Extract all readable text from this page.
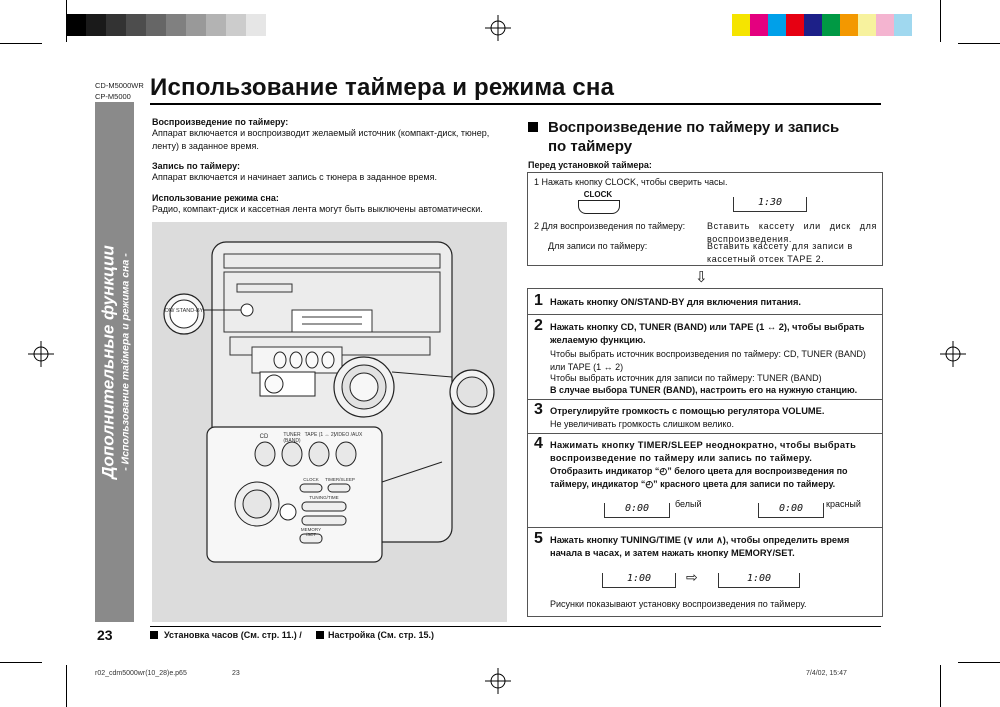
CD-M5000WR
CP-M5000 Использование таймера и режима сна
Дополнительные функции - Использование таймера и режима сна -
Воспроизведение по таймеру:
Аппарат включается и воспроизводит желаемый источник (компакт-диск, тюнер, ленту) в заданное время.
Запись по таймеру:
Аппарат включается и начинает запись с тюнера в заданное время.
Использование режима сна:
Радио, компакт-диск и кассетная лента могут быть выключены автоматически.
ON/ STAND-BY
CD	TUNER (BAND)
TAPE (1 ↔ 2)
VIDEO /AUX
CLOCK	TIMER/SLEEP
TUNING/TIME
MEMORY /SET
Воспроизведение по таймеру и запись
по таймеру
Перед установкой таймера:
1 Нажать кнопку CLOCK, чтобы сверить часы.
CLOCK
1:30
2 Для воспроизведения по таймеру: Вставить кассету или диск для воспроизведения.
Для записи по таймеру:	Вставить кассету для записи в кассетный отсек TAPE 2.
⇩
1 Нажать кнопку ON/STAND-BY для включения питания.
2 Нажать кнопку CD, TUNER (BAND) или TAPE (1 ↔ 2), чтобы выбрать желаемую функцию.
Чтобы выбрать источник воспроизведения по таймеру: CD, TUNER (BAND) или TAPE (1 ↔ 2)
Чтобы выбрать источник для записи по таймеру: TUNER (BAND)
В случае выбора TUNER (BAND), настроить его на нужную станцию.
3 Отрегулируйте громкость с помощью регулятора VOLUME.
Не увеличивать громкость слишком велико.
4 Нажимать кнопку TIMER/SLEEP неоднократно, чтобы выбрать воспроизведение по таймеру или запись по таймеру.
Отобразить индикатор “◴” белого цвета для воспроизведения по таймеру, индикатор “◴” красного цвета для записи по таймеру.
0:00	белый	0:00	красный
5 Нажать кнопку TUNING/TIME (∨ или ∧), чтобы определить время начала в часах, и затем нажать кнопку MEMORY/SET.
1:00	⇨	1:00
Рисунки показывают установку воспроизведения по таймеру.
23	Установка часов (См. стр. 11.) /	Настройка (См. стр. 15.)
r02_cdm5000wr(10_28)e.p65	23	7/4/02, 15:47
